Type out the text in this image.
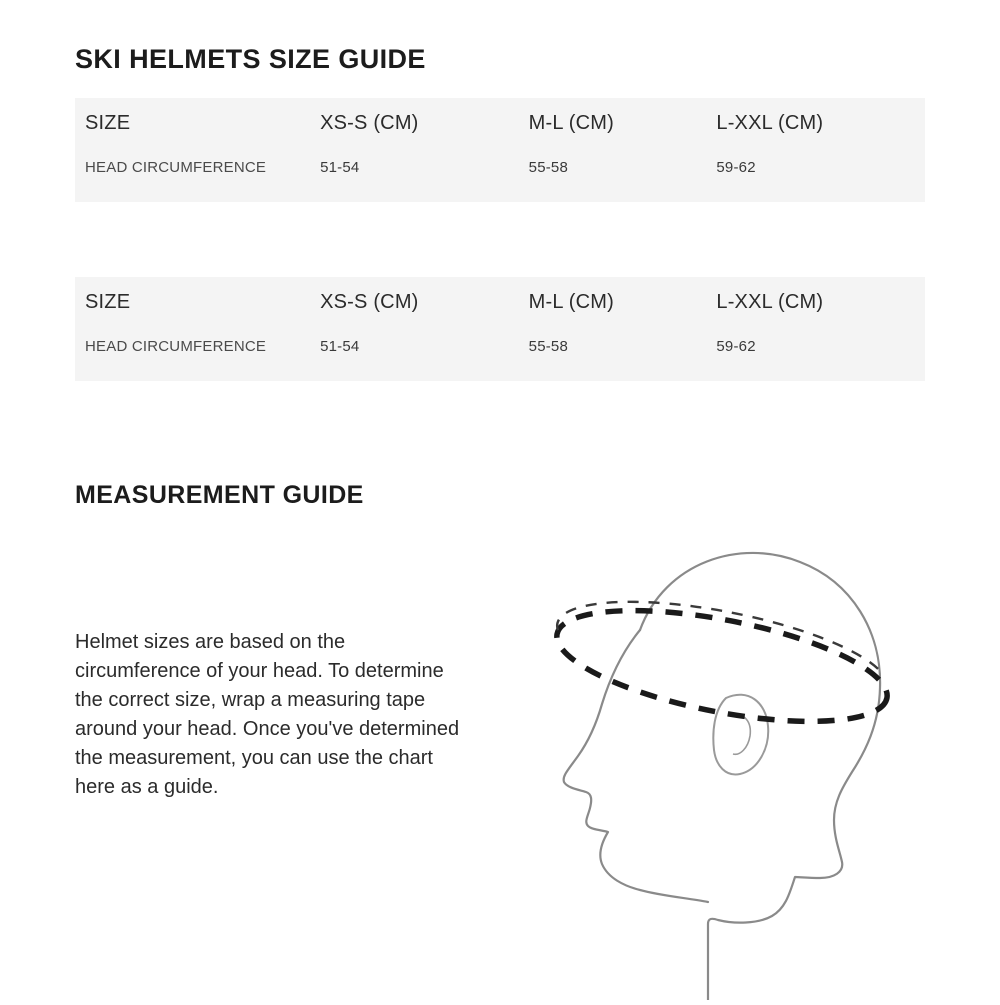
SKI HELMETS SIZE GUIDE
SIZE	XS-S (CM)	M-L (CM)	L-XXL (CM)
HEAD CIRCUMFERENCE	51-54	55-58	59-62
SIZE	XS-S (CM)	M-L (CM)	L-XXL (CM)
HEAD CIRCUMFERENCE	51-54	55-58	59-62
MEASUREMENT GUIDE

Helmet sizes are based on the circumference of your head. To determine the correct size, wrap a measuring tape around your head. Once you've determined the measurement, you can use the chart here as a guide.
